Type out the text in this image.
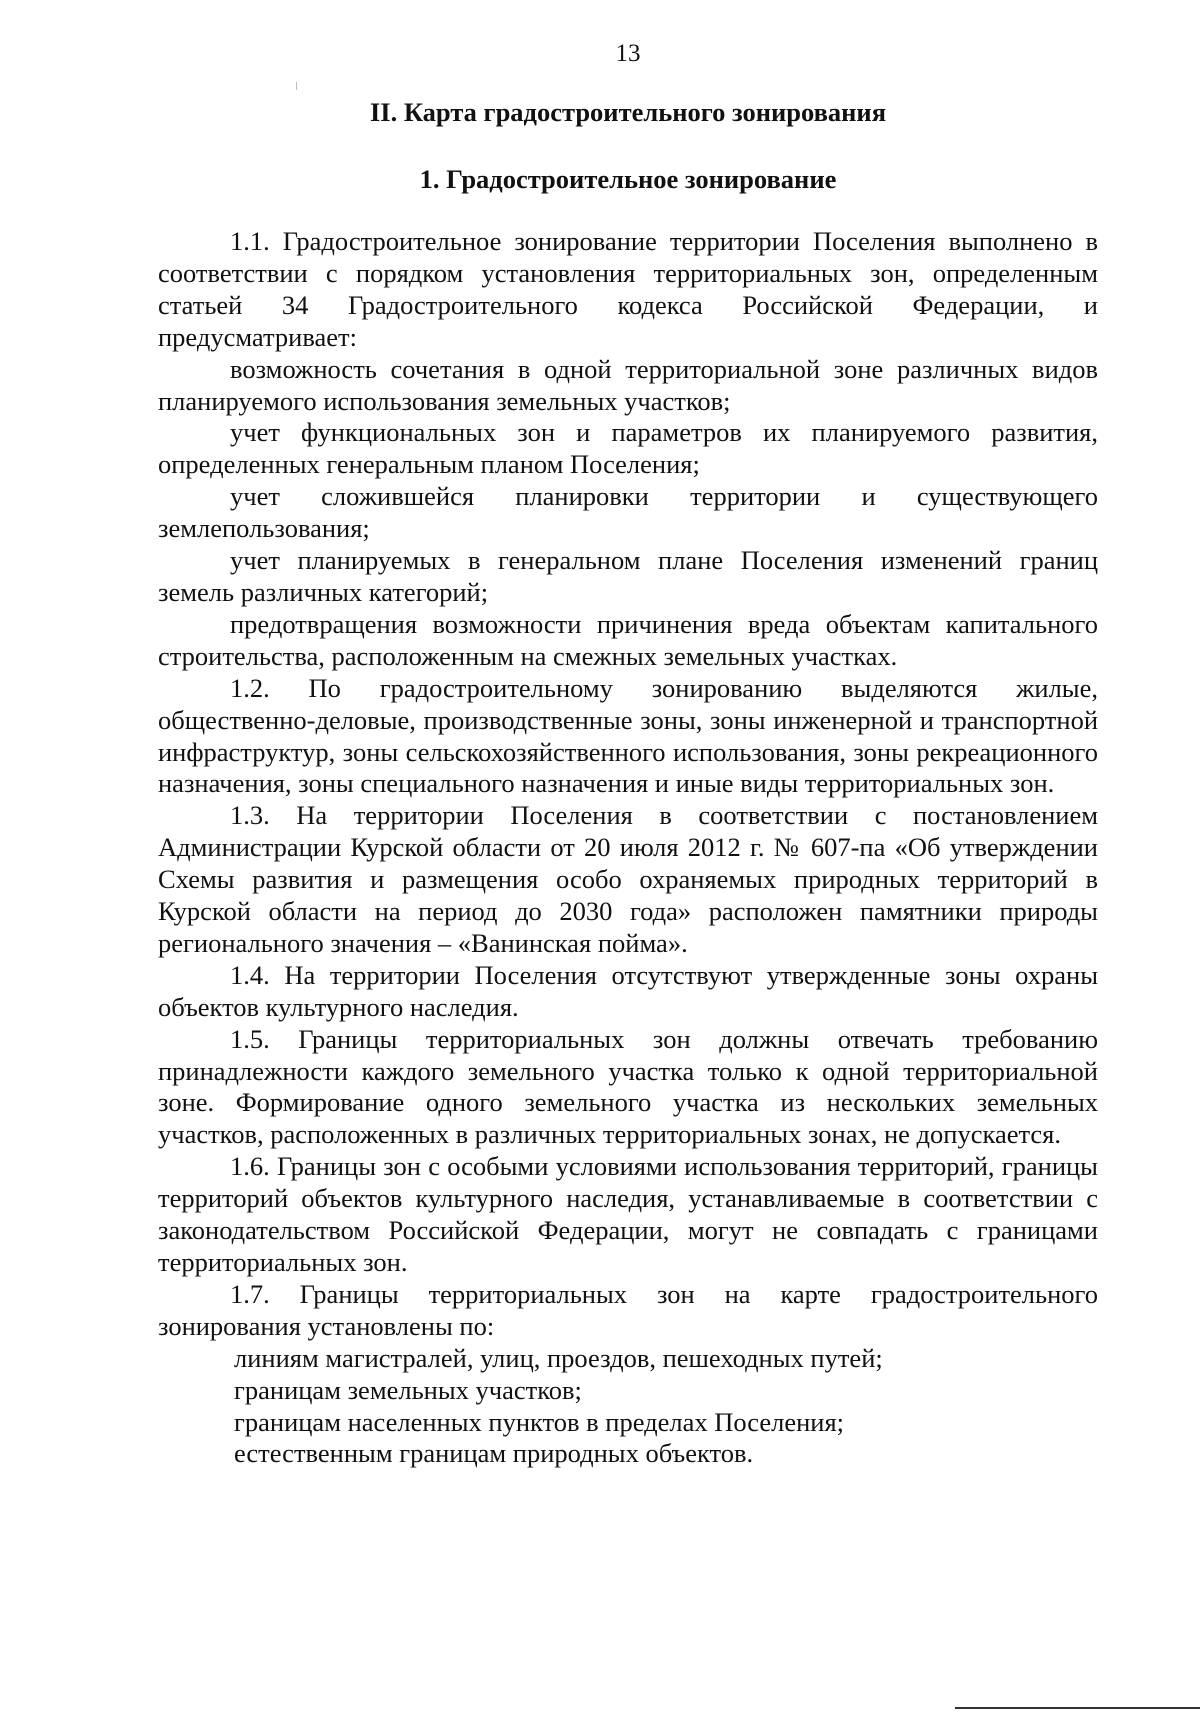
13
II. Карта градостроительного зонирования
1. Градостроительное зонирование

1.1. Градостроительное зонирование территории Поселения выполнено в соответствии с порядком установления территориальных зон, определенным статьей 34 Градостроительного кодекса Российской Федерации, и предусматривает:

возможность сочетания в одной территориальной зоне различных видов планируемого использования земельных участков;

учет функциональных зон и параметров их планируемого развития, определенных генеральным планом Поселения;

учет сложившейся планировки территории и существующего землепользования;

учет планируемых в генеральном плане Поселения изменений границ земель различных категорий;

предотвращения возможности причинения вреда объектам капитального строительства, расположенным на смежных земельных участках.

1.2. По градостроительному зонированию выделяются жилые, общественно-деловые, производственные зоны, зоны инженерной и транспортной инфраструктур, зоны сельскохозяйственного использования, зоны рекреационного назначения, зоны специального назначения и иные виды территориальных зон.

1.3. На территории Поселения в соответствии с постановлением Администрации Курской области от 20 июля 2012 г. № 607-па «Об утверждении Схемы развития и размещения особо охраняемых природных территорий в Курской области на период до 2030 года» расположен памятники природы регионального значения – «Ванинская пойма».

1.4. На территории Поселения отсутствуют утвержденные зоны охраны объектов культурного наследия.

1.5. Границы территориальных зон должны отвечать требованию принадлежности каждого земельного участка только к одной территориальной зоне. Формирование одного земельного участка из нескольких земельных участков, расположенных в различных территориальных зонах, не допускается.

1.6. Границы зон с особыми условиями использования территорий, границы территорий объектов культурного наследия, устанавливаемые в соответствии с законодательством Российской Федерации, могут не совпадать с границами территориальных зон.

1.7. Границы территориальных зон на карте градостроительного зонирования установлены по:

линиям магистралей, улиц, проездов, пешеходных путей;

границам земельных участков;

границам населенных пунктов в пределах Поселения;

естественным границам природных объектов.
